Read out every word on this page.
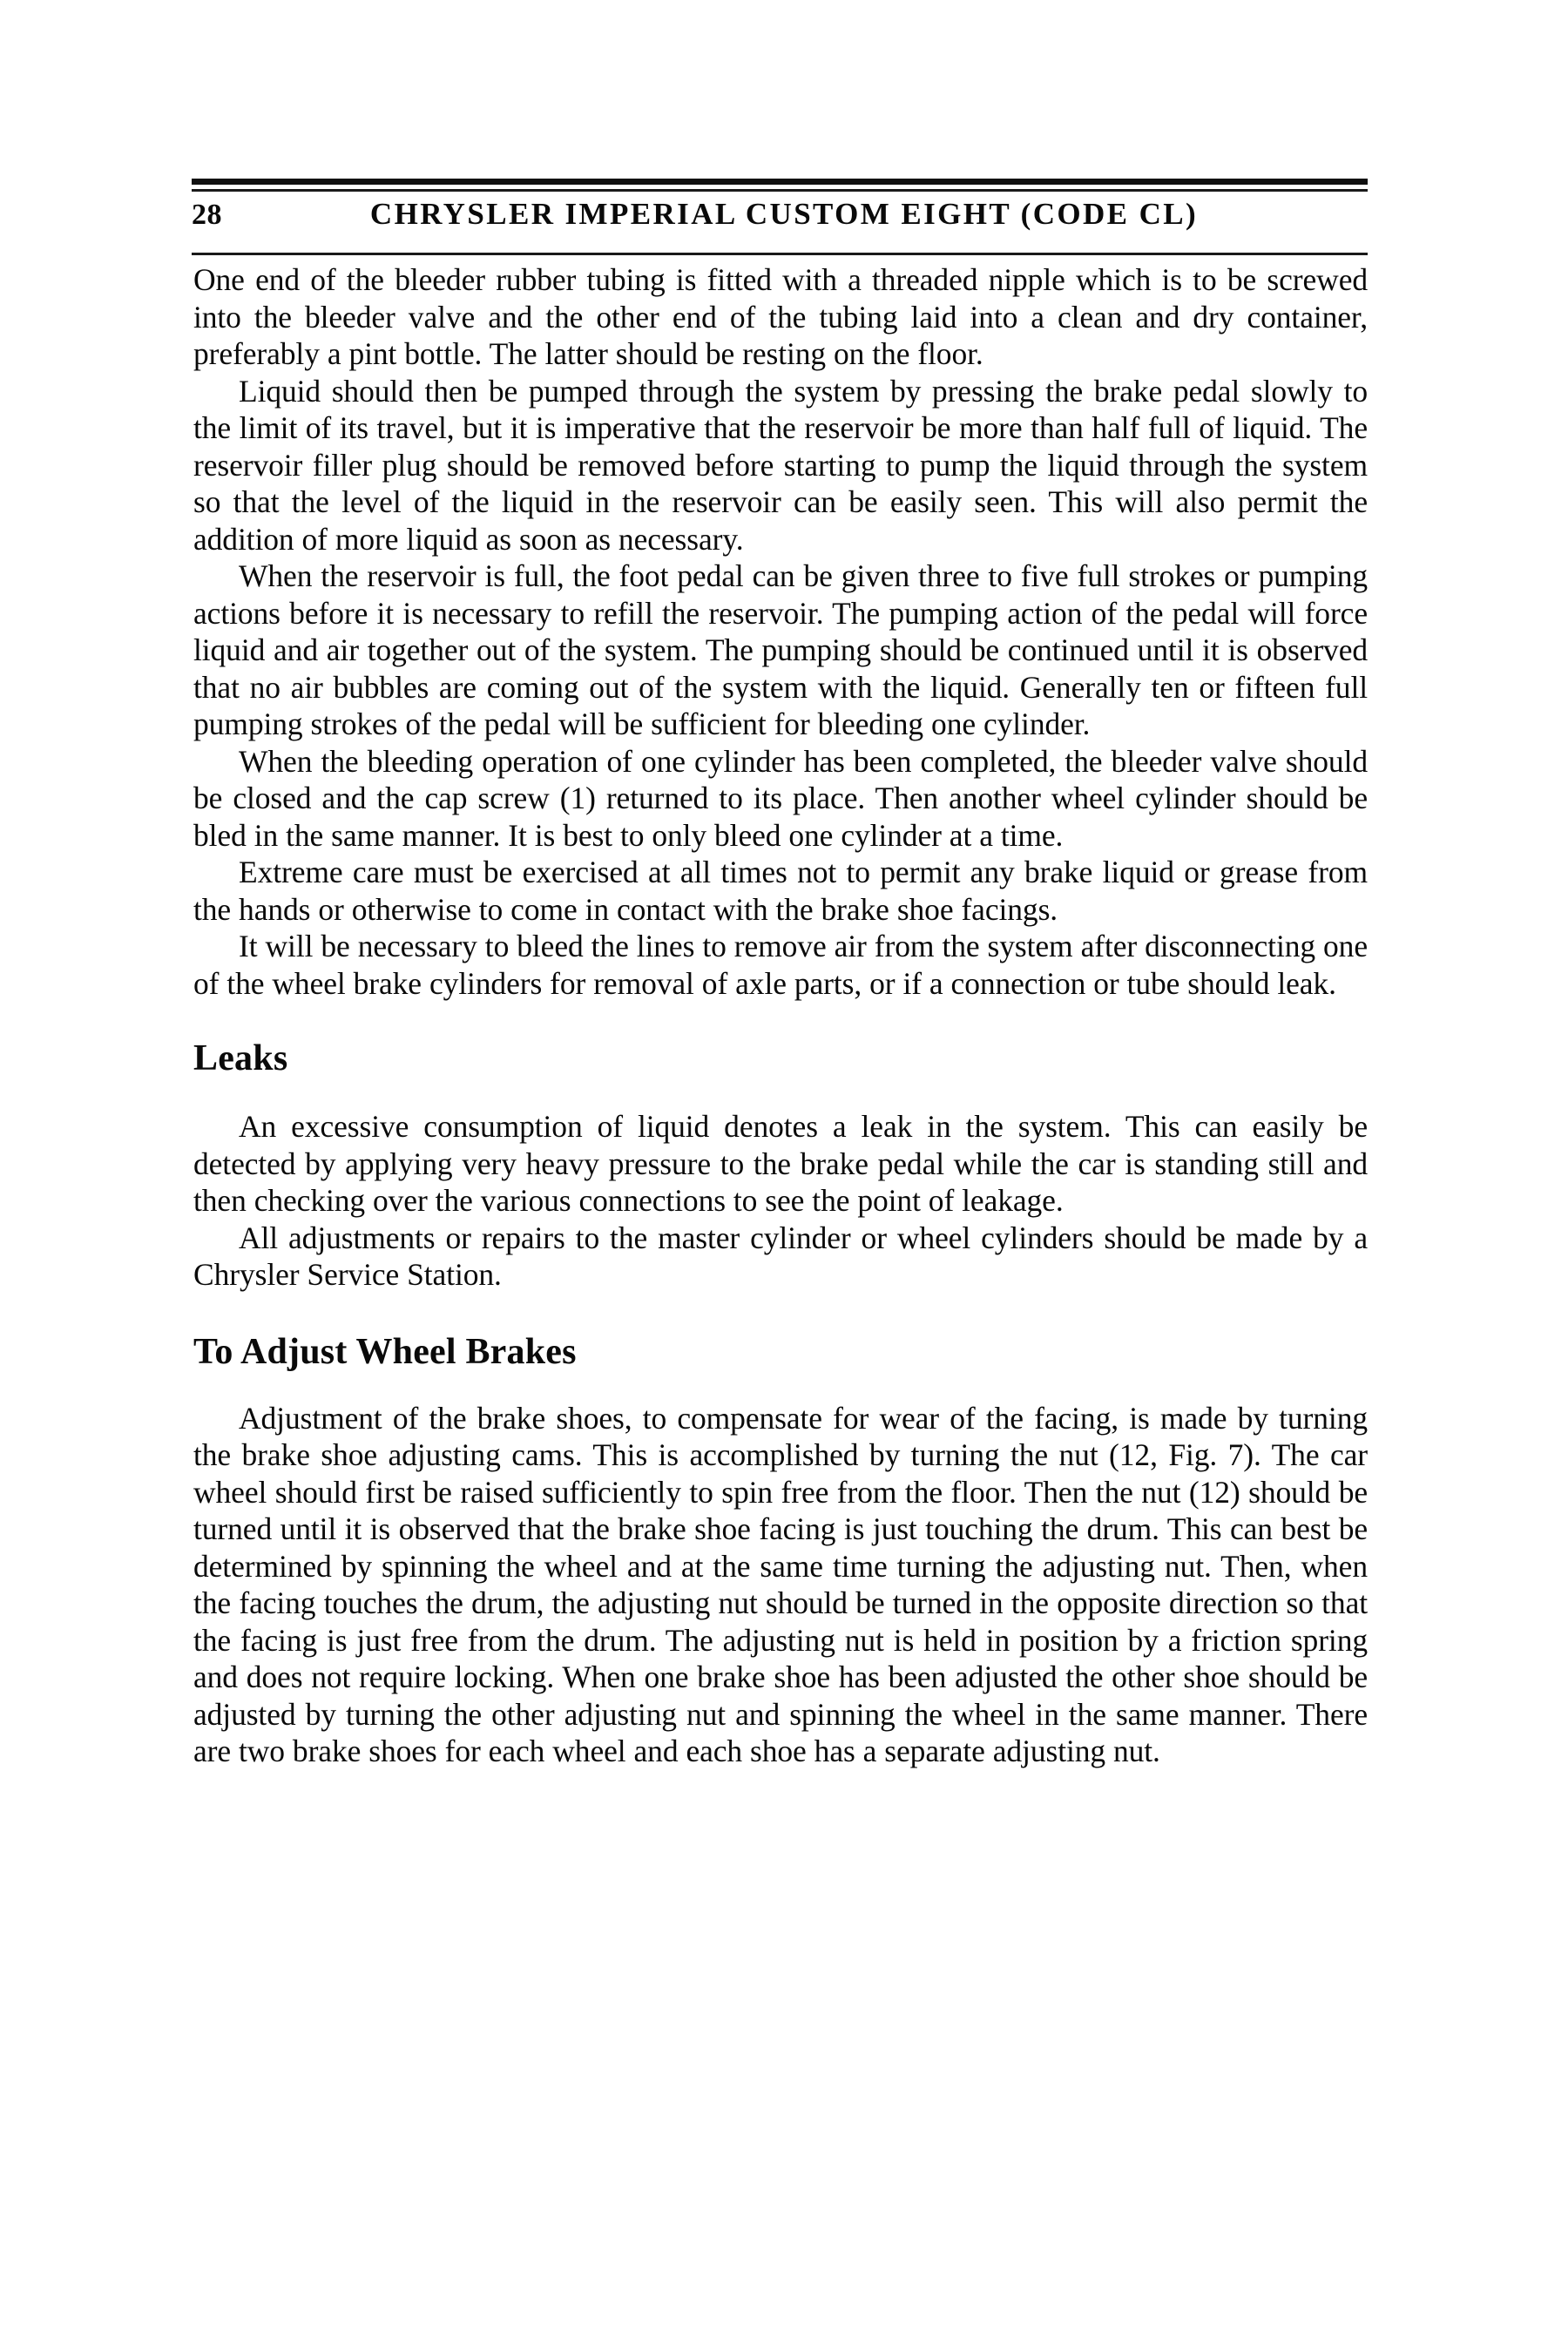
28	CHRYSLER IMPERIAL CUSTOM EIGHT (CODE CL)

One end of the bleeder rubber tubing is fitted with a threaded nipple which is to be screwed into the bleeder valve and the other end of the tubing laid into a clean and dry container, preferably a pint bottle. The latter should be resting on the floor.

Liquid should then be pumped through the system by pressing the brake pedal slowly to the limit of its travel, but it is imperative that the reservoir be more than half full of liquid. The reservoir filler plug should be removed before starting to pump the liquid through the system so that the level of the liquid in the reservoir can be easily seen. This will also permit the addition of more liquid as soon as necessary.

When the reservoir is full, the foot pedal can be given three to five full strokes or pumping actions before it is necessary to refill the reservoir. The pumping action of the pedal will force liquid and air together out of the system. The pumping should be continued until it is observed that no air bubbles are coming out of the system with the liquid. Generally ten or fifteen full pumping strokes of the pedal will be sufficient for bleeding one cylinder.

When the bleeding operation of one cylinder has been completed, the bleeder valve should be closed and the cap screw (1) returned to its place. Then another wheel cylinder should be bled in the same manner. It is best to only bleed one cylinder at a time.

Extreme care must be exercised at all times not to permit any brake liquid or grease from the hands or otherwise to come in contact with the brake shoe facings.

It will be necessary to bleed the lines to remove air from the system after disconnecting one of the wheel brake cylinders for removal of axle parts, or if a connection or tube should leak.

Leaks

An excessive consumption of liquid denotes a leak in the system. This can easily be detected by applying very heavy pressure to the brake pedal while the car is standing still and then checking over the various connections to see the point of leakage.

All adjustments or repairs to the master cylinder or wheel cylinders should be made by a Chrysler Service Station.

To Adjust Wheel Brakes

Adjustment of the brake shoes, to compensate for wear of the facing, is made by turning the brake shoe adjusting cams. This is accomplished by turning the nut (12, Fig. 7). The car wheel should first be raised sufficiently to spin free from the floor. Then the nut (12) should be turned until it is observed that the brake shoe facing is just touching the drum. This can best be determined by spinning the wheel and at the same time turning the adjusting nut. Then, when the facing touches the drum, the adjusting nut should be turned in the opposite direction so that the facing is just free from the drum. The adjusting nut is held in position by a friction spring and does not require locking. When one brake shoe has been adjusted the other shoe should be adjusted by turning the other adjusting nut and spinning the wheel in the same manner. There are two brake shoes for each wheel and each shoe has a separate adjusting nut.
